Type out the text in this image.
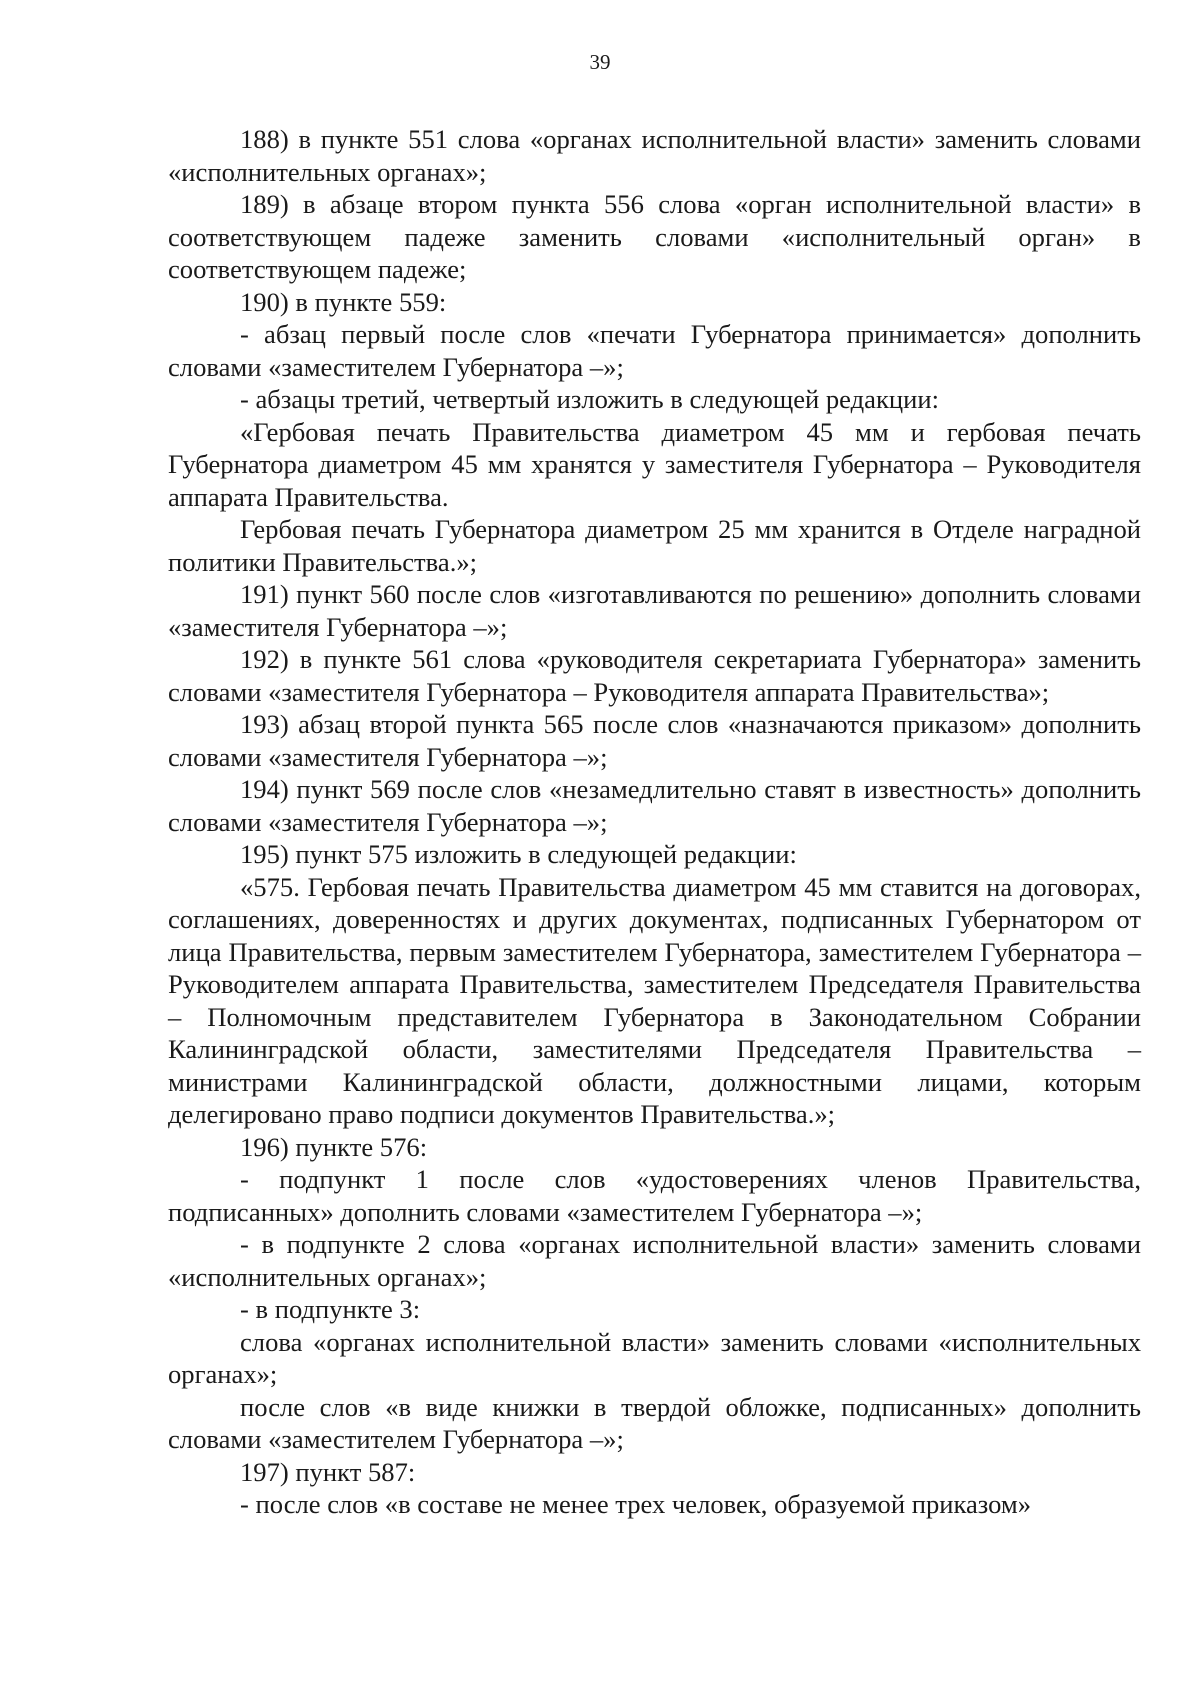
39

188) в пункте 551 слова «органах исполнительной власти» заменить словами «исполнительных органах»;

189) в абзаце втором пункта 556 слова «орган исполнительной власти» в соответствующем падеже заменить словами «исполнительный орган» в соответствующем падеже;

190) в пункте 559:

- абзац первый после слов «печати Губернатора принимается» дополнить словами «заместителем Губернатора –»;

- абзацы третий, четвертый изложить в следующей редакции:

«Гербовая печать Правительства диаметром 45 мм и гербовая печать Губернатора диаметром 45 мм хранятся у заместителя Губернатора – Руководителя аппарата Правительства.

Гербовая печать Губернатора диаметром 25 мм хранится в Отделе наградной политики Правительства.»;

191) пункт 560 после слов «изготавливаются по решению» дополнить словами «заместителя Губернатора –»;

192) в пункте 561 слова «руководителя секретариата Губернатора» заменить словами «заместителя Губернатора – Руководителя аппарата Правительства»;

193) абзац второй пункта 565 после слов «назначаются приказом» дополнить словами «заместителя Губернатора –»;

194) пункт 569 после слов «незамедлительно ставят в известность» дополнить словами «заместителя Губернатора –»;

195) пункт 575 изложить в следующей редакции:

«575. Гербовая печать Правительства диаметром 45 мм ставится на договорах, соглашениях, доверенностях и других документах, подписанных Губернатором от лица Правительства, первым заместителем Губернатора, заместителем Губернатора – Руководителем аппарата Правительства, заместителем Председателя Правительства – Полномочным представителем Губернатора в Законодательном Собрании Калининградской области, заместителями Председателя Правительства – министрами Калининградской области, должностными лицами, которым делегировано право подписи документов Правительства.»;

196) пункте 576:

- подпункт 1 после слов «удостоверениях членов Правительства, подписанных» дополнить словами «заместителем Губернатора –»;

- в подпункте 2 слова «органах исполнительной власти» заменить словами «исполнительных органах»;

- в подпункте 3:

слова «органах исполнительной власти» заменить словами «исполнительных органах»;

после слов «в виде книжки в твердой обложке, подписанных» дополнить словами «заместителем Губернатора –»;

197) пункт 587:

- после слов «в составе не менее трех человек, образуемой приказом»
